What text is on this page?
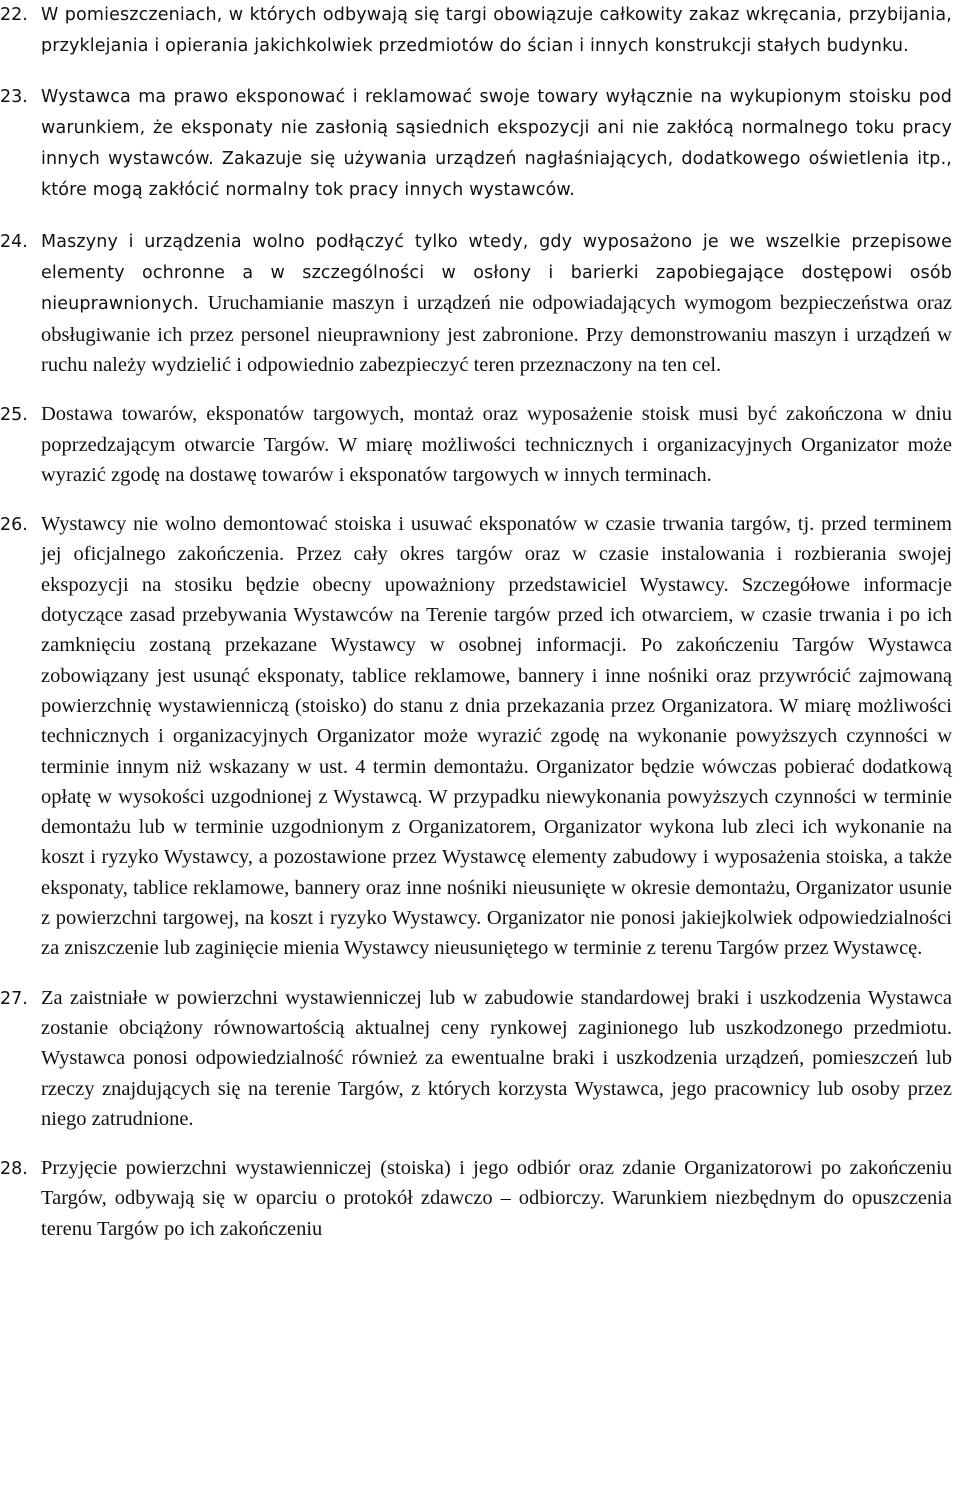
22. W pomieszczeniach, w których odbywają się targi obowiązuje całkowity zakaz wkręcania, przybijania, przyklejania i opierania jakichkolwiek przedmiotów do ścian i innych konstrukcji stałych budynku.
23. Wystawca ma prawo eksponować i reklamować swoje towary wyłącznie na wykupionym stoisku pod warunkiem, że eksponaty nie zasłonią sąsiednich ekspozycji ani nie zakłócą normalnego toku pracy innych wystawców. Zakazuje się używania urządzeń nagłaśniających, dodatkowego oświetlenia itp., które mogą zakłócić normalny tok pracy innych wystawców.
24. Maszyny i urządzenia wolno podłączyć tylko wtedy, gdy wyposażono je we wszelkie przepisowe elementy ochronne a w szczególności w osłony i barierki zapobiegające dostępowi osób nieuprawnionych. Uruchamianie maszyn i urządzeń nie odpowiadających wymogom bezpieczeństwa oraz obsługiwanie ich przez personel nieuprawniony jest zabronione. Przy demonstrowaniu maszyn i urządzeń w ruchu należy wydzielić i odpowiednio zabezpieczyć teren przeznaczony na ten cel.
25. Dostawa towarów, eksponatów targowych, montaż oraz wyposażenie stoisk musi być zakończona w dniu poprzedzającym otwarcie Targów. W miarę możliwości technicznych i organizacyjnych Organizator może wyrazić zgodę na dostawę towarów i eksponatów targowych w innych terminach.
26. Wystawcy nie wolno demontować stoiska i usuwać eksponatów w czasie trwania targów, tj. przed terminem jej oficjalnego zakończenia. Przez cały okres targów oraz w czasie instalowania i rozbierania swojej ekspozycji na stosiku będzie obecny upoważniony przedstawiciel Wystawcy. Szczegółowe informacje dotyczące zasad przebywania Wystawców na Terenie targów przed ich otwarciem, w czasie trwania i po ich zamknięciu zostaną przekazane Wystawcy w osobnej informacji. Po zakończeniu Targów Wystawca zobowiązany jest usunąć eksponaty, tablice reklamowe, bannery i inne nośniki oraz przywrócić zajmowaną powierzchnię wystawienniczą (stoisko) do stanu z dnia przekazania przez Organizatora. W miarę możliwości technicznych i organizacyjnych Organizator może wyrazić zgodę na wykonanie powyższych czynności w terminie innym niż wskazany w ust. 4 termin demontażu. Organizator będzie wówczas pobierać dodatkową opłatę w wysokości uzgodnionej z Wystawcą. W przypadku niewykonania powyższych czynności w terminie demontażu lub w terminie uzgodnionym z Organizatorem, Organizator wykona lub zleci ich wykonanie na koszt i ryzyko Wystawcy, a pozostawione przez Wystawcę elementy zabudowy i wyposażenia stoiska, a także eksponaty, tablice reklamowe, bannery oraz inne nośniki nieusunięte w okresie demontażu, Organizator usunie z powierzchni targowej, na koszt i ryzyko Wystawcy. Organizator nie ponosi jakiejkolwiek odpowiedzialności za zniszczenie lub zaginięcie mienia Wystawcy nieusuniętego w terminie z terenu Targów przez Wystawcę.
27. Za zaistniałe w powierzchni wystawienniczej lub w zabudowie standardowej braki i uszkodzenia Wystawca zostanie obciążony równowartością aktualnej ceny rynkowej zaginionego lub uszkodzonego przedmiotu. Wystawca ponosi odpowiedzialność również za ewentualne braki i uszkodzenia urządzeń, pomieszczeń lub rzeczy znajdujących się na terenie Targów, z których korzysta Wystawca, jego pracownicy lub osoby przez niego zatrudnione.
28. Przyjęcie powierzchni wystawienniczej (stoiska) i jego odbiór oraz zdanie Organizatorowi po zakończeniu Targów, odbywają się w oparciu o protokół zdawczo – odbiorczy. Warunkiem niezbędnym do opuszczenia terenu Targów po ich zakończeniu
